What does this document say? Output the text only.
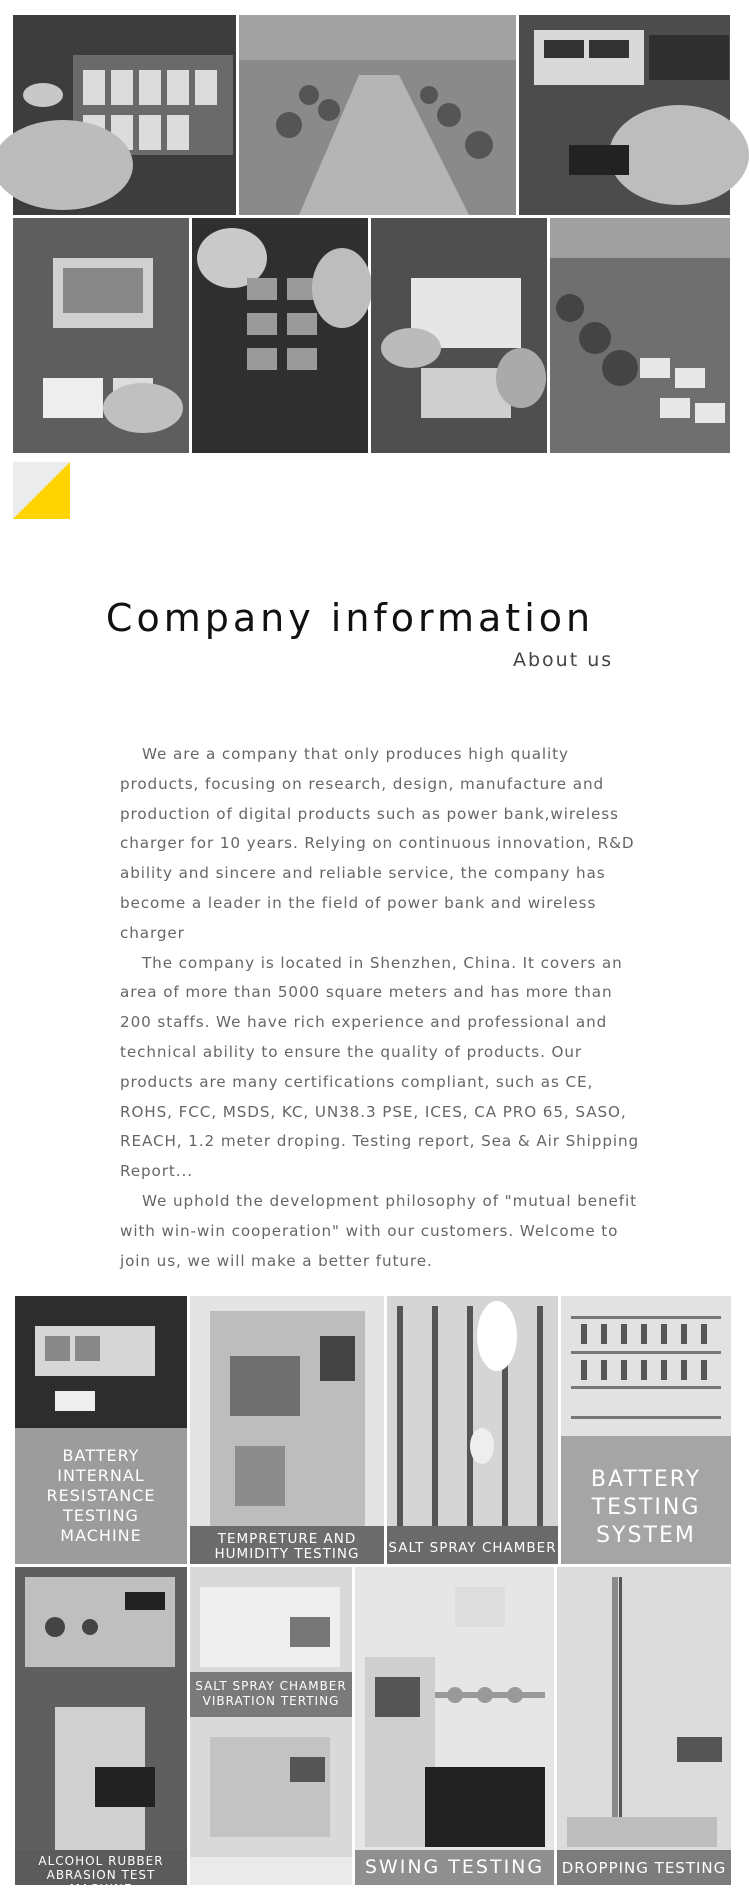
Company information
About us

We are a company that only produces high quality products, focusing on research, design, manufacture and production of digital products such as power bank,wireless charger for 10 years. Relying on continuous innovation, R&D ability and sincere and reliable service, the company has become a leader in the field of power bank and wireless charger

The company is located in Shenzhen, China. It covers an area of more than 5000 square meters and has more than 200 staffs. We have rich experience and professional and technical ability to ensure the quality of products. Our products are many certifications compliant, such as CE, ROHS, FCC, MSDS, KC, UN38.3 PSE, ICES, CA PRO 65, SASO, REACH, 1.2 meter droping. Testing report, Sea & Air Shipping Report...

We uphold the development philosophy of "mutual benefit with win-win cooperation" with our customers. Welcome to join us, we will make a better future.

BATTERY
INTERNAL
RESISTANCE
TESTING
MACHINE	TEMPRETURE AND
HUMIDITY TESTING	SALT SPRAY CHAMBER
BATTERY
TESTING
SYSTEM
ALCOHOL RUBBER
ABRASION TEST MACHINE
SALT SPRAY CHAMBER
VIBRATION TERTING
SWING TESTING	DROPPING TESTING
